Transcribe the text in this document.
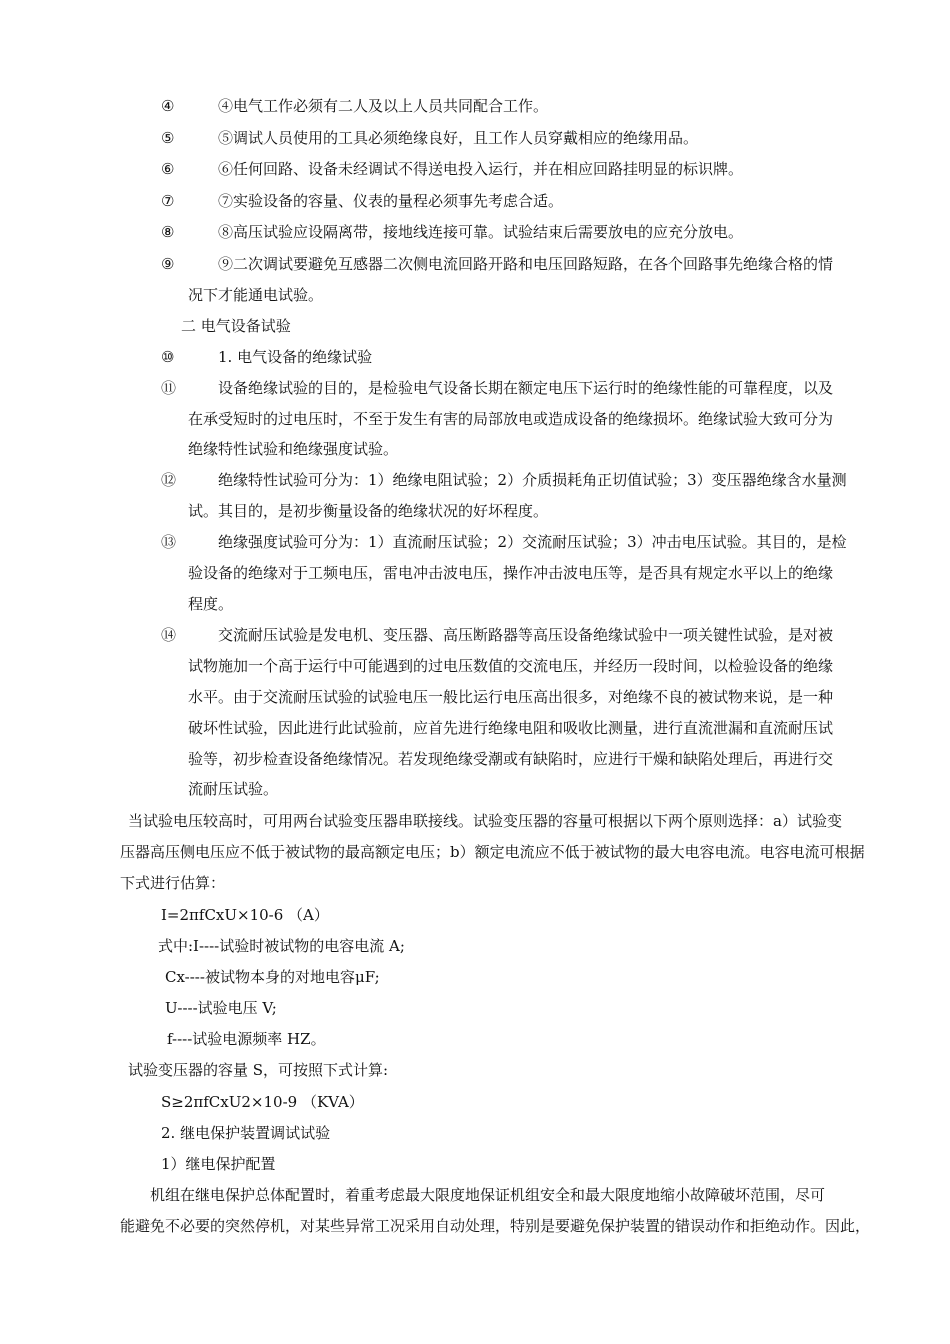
④	④电气工作必须有二人及以上人员共同配合工作。
⑤	⑤调试人员使用的工具必须绝缘良好，且工作人员穿戴相应的绝缘用品。
⑥	⑥任何回路、设备未经调试不得送电投入运行，并在相应回路挂明显的标识牌。
⑦	⑦实验设备的容量、仪表的量程必须事先考虑合适。
⑧	⑧高压试验应设隔离带，接地线连接可靠。试验结束后需要放电的应充分放电。
⑨	⑨二次调试要避免互感器二次侧电流回路开路和电压回路短路，在各个回路事先绝缘合格的情
况下才能通电试验。
二 电气设备试验
⑩	1. 电气设备的绝缘试验
⑪	设备绝缘试验的目的，是检验电气设备长期在额定电压下运行时的绝缘性能的可靠程度，以及
在承受短时的过电压时，不至于发生有害的局部放电或造成设备的绝缘损坏。绝缘试验大致可分为
绝缘特性试验和绝缘强度试验。
⑫	绝缘特性试验可分为：1）绝缘电阻试验；2）介质损耗角正切值试验；3）变压器绝缘含水量测
试。其目的，是初步衡量设备的绝缘状况的好坏程度。
⑬	绝缘强度试验可分为：1）直流耐压试验；2）交流耐压试验；3）冲击电压试验。其目的，是检
验设备的绝缘对于工频电压，雷电冲击波电压，操作冲击波电压等，是否具有规定水平以上的绝缘
程度。
⑭	交流耐压试验是发电机、变压器、高压断路器等高压设备绝缘试验中一项关键性试验，是对被
试物施加一个高于运行中可能遇到的过电压数值的交流电压，并经历一段时间，以检验设备的绝缘
水平。由于交流耐压试验的试验电压一般比运行电压高出很多，对绝缘不良的被试物来说，是一种
破坏性试验，因此进行此试验前，应首先进行绝缘电阻和吸收比测量，进行直流泄漏和直流耐压试
验等，初步检查设备绝缘情况。若发现绝缘受潮或有缺陷时，应进行干燥和缺陷处理后，再进行交
流耐压试验。
当试验电压较高时，可用两台试验变压器串联接线。试验变压器的容量可根据以下两个原则选择：a）试验变
压器高压侧电压应不低于被试物的最高额定电压；b）额定电流应不低于被试物的最大电容电流。电容电流可根据
下式进行估算：
I=2πfCxU×10-6 （A）
式中:I----试验时被试物的电容电流 A;
Cx----被试物本身的对地电容μF;
U----试验电压 V;
f----试验电源频率 HZ。
试验变压器的容量 S，可按照下式计算:
S≥2πfCxU2×10-9 （KVA）
2. 继电保护装置调试试验
1）继电保护配置
机组在继电保护总体配置时，着重考虑最大限度地保证机组安全和最大限度地缩小故障破坏范围，尽可
能避免不必要的突然停机，对某些异常工况采用自动处理，特别是要避免保护装置的错误动作和拒绝动作。因此，
